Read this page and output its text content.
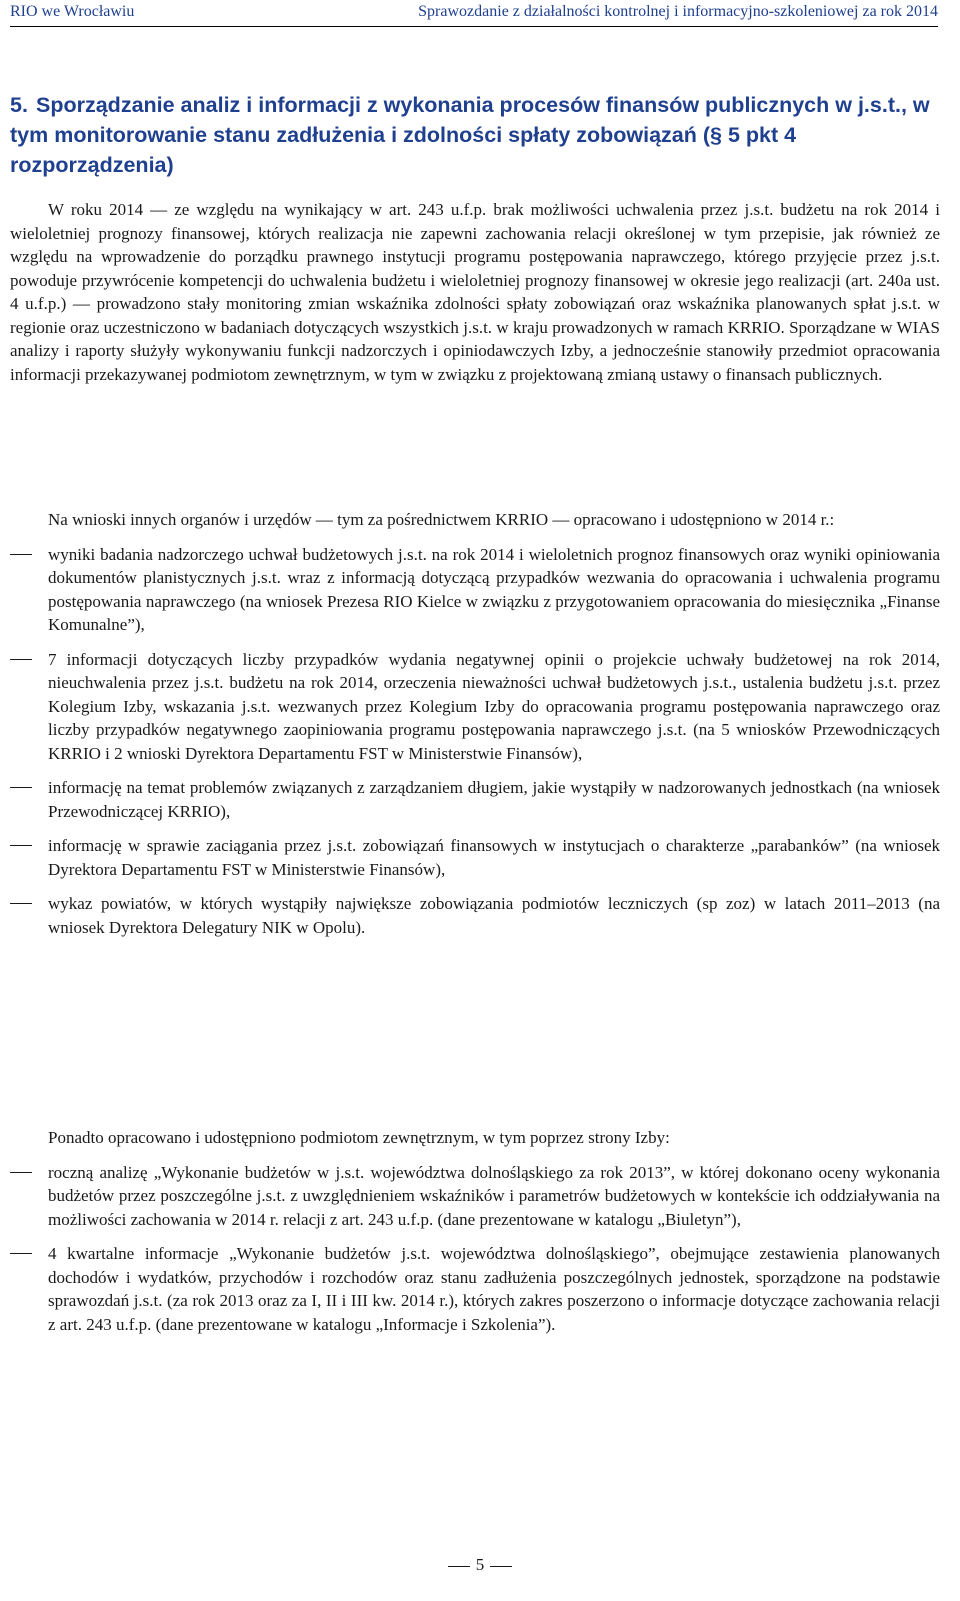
RIO we Wrocławiu	Sprawozdanie z działalności kontrolnej i informacyjno-szkoleniowej za rok 2014
5. Sporządzanie analiz i informacji z wykonania procesów finansów publicznych w j.s.t., w tym monitorowanie stanu zadłużenia i zdolności spłaty zobowiązań (§ 5 pkt 4 rozporządzenia)
W roku 2014 — ze względu na wynikający w art. 243 u.f.p. brak możliwości uchwalenia przez j.s.t. budżetu na rok 2014 i wieloletniej prognozy finansowej, których realizacja nie zapewni zachowania relacji określonej w tym przepisie, jak również ze względu na wprowadzenie do porządku prawnego instytucji programu postępowania naprawczego, którego przyjęcie przez j.s.t. powoduje przywrócenie kompetencji do uchwalenia budżetu i wieloletniej prognozy finansowej w okresie jego realizacji (art. 240a ust. 4 u.f.p.) — prowadzono stały monitoring zmian wskaźnika zdolności spłaty zobowiązań oraz wskaźnika planowanych spłat j.s.t. w regionie oraz uczestniczono w badaniach dotyczących wszystkich j.s.t. w kraju prowadzonych w ramach KRRIO. Sporządzane w WIAS analizy i raporty służyły wykonywaniu funkcji nadzorczych i opiniodawczych Izby, a jednocześnie stanowiły przedmiot opracowania informacji przekazywanej podmiotom zewnętrznym, w tym w związku z projektowaną zmianą ustawy o finansach publicznych.
Na wnioski innych organów i urzędów — tym za pośrednictwem KRRIO — opracowano i udostępniono w 2014 r.:
wyniki badania nadzorczego uchwał budżetowych j.s.t. na rok 2014 i wieloletnich prognoz finansowych oraz wyniki opiniowania dokumentów planistycznych j.s.t. wraz z informacją dotyczącą przypadków wezwania do opracowania i uchwalenia programu postępowania naprawczego (na wniosek Prezesa RIO Kielce w związku z przygotowaniem opracowania do miesięcznika „Finanse Komunalne”),
7 informacji dotyczących liczby przypadków wydania negatywnej opinii o projekcie uchwały budżetowej na rok 2014, nieuchwalenia przez j.s.t. budżetu na rok 2014, orzeczenia nieważności uchwał budżetowych j.s.t., ustalenia budżetu j.s.t. przez Kolegium Izby, wskazania j.s.t. wezwanych przez Kolegium Izby do opracowania programu postępowania naprawczego oraz liczby przypadków negatywnego zaopiniowania programu postępowania naprawczego j.s.t. (na 5 wniosków Przewodniczących KRRIO i 2 wnioski Dyrektora Departamentu FST w Ministerstwie Finansów),
informację na temat problemów związanych z zarządzaniem długiem, jakie wystąpiły w nadzorowanych jednostkach (na wniosek Przewodniczącej KRRIO),
informację w sprawie zaciągania przez j.s.t. zobowiązań finansowych w instytucjach o charakterze „parabanków” (na wniosek Dyrektora Departamentu FST w Ministerstwie Finansów),
wykaz powiatów, w których wystąpiły największe zobowiązania podmiotów leczniczych (sp zoz) w latach 2011–2013 (na wniosek Dyrektora Delegatury NIK w Opolu).
Ponadto opracowano i udostępniono podmiotom zewnętrznym, w tym poprzez strony Izby:
roczną analizę „Wykonanie budżetów w j.s.t. województwa dolnośląskiego za rok 2013”, w której dokonano oceny wykonania budżetów przez poszczególne j.s.t. z uwzględnieniem wskaźników i parametrów budżetowych w kontekście ich oddziaływania na możliwości zachowania w 2014 r. relacji z art. 243 u.f.p. (dane prezentowane w katalogu „Biuletyn”),
4 kwartalne informacje „Wykonanie budżetów j.s.t. województwa dolnośląskiego”, obejmujące zestawienia planowanych dochodów i wydatków, przychodów i rozchodów oraz stanu zadłużenia poszczególnych jednostek, sporządzone na podstawie sprawozdań j.s.t. (za rok 2013 oraz za I, II i III kw. 2014 r.), których zakres poszerzono o informacje dotyczące zachowania relacji z art. 243 u.f.p. (dane prezentowane w katalogu „Informacje i Szkolenia”).
5
